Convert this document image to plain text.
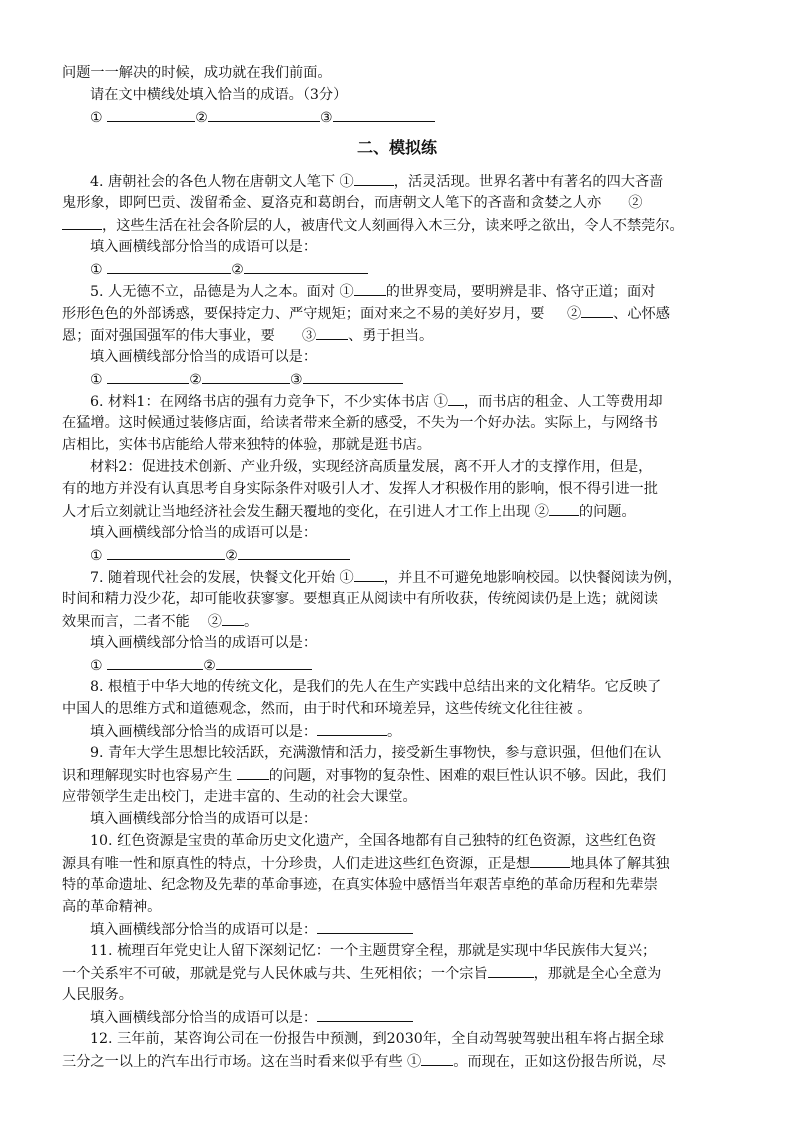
问题一一解决的时候，成功就在我们前面。
请在文中横线处填入恰当的成语。（3分）
①	②	③
二、模拟练
4. 唐朝社会的各色人物在唐朝文人笔下 ①	，活灵活现。世界名著中有著名的四大吝啬
鬼形象，即阿巴贡、泼留希金、夏洛克和葛朗台，而唐朝文人笔下的吝啬和贪婪之人亦 ②
，这些生活在社会各阶层的人，被唐代文人刻画得入木三分，读来呼之欲出，令人不禁莞尔。
填入画横线部分恰当的成语可以是：
①	②
5. 人无德不立，品德是为人之本。面对 ① 的世界变局，要明辨是非、恪守正道；面对
形形色色的外部诱惑，要保持定力、严守规矩；面对来之不易的美好岁月，要 ② 、心怀感
恩；面对强国强军的伟大事业，要 ③ 、勇于担当。
填入画横线部分恰当的成语可以是：
①	②	③
6. 材料1：在网络书店的强有力竞争下，不少实体书店 ① ，而书店的租金、人工等费用却
在猛增。这时候通过装修店面，给读者带来全新的感受，不失为一个好办法。实际上，与网络书
店相比，实体书店能给人带来独特的体验，那就是逛书店。
材料2：促进技术创新、产业升级，实现经济高质量发展，离不开人才的支撑作用，但是，
有的地方并没有认真思考自身实际条件对吸引人才、发挥人才积极作用的影响，恨不得引进一批
人才后立刻就让当地经济社会发生翻天覆地的变化，在引进人才工作上出现 ② 的问题。
填入画横线部分恰当的成语可以是：
①	②
7. 随着现代社会的发展，快餐文化开始 ① ，并且不可避免地影响校园。以快餐阅读为例，
时间和精力没少花，却可能收获寥寥。要想真正从阅读中有所收获，传统阅读仍是上选；就阅读
效果而言，二者不能 ② 。
填入画横线部分恰当的成语可以是：
①	②
8. 根植于中华大地的传统文化，是我们的先人在生产实践中总结出来的文化精华。它反映了
中国人的思维方式和道德观念，然而，由于时代和环境差异，这些传统文化往往被 。
填入画横线部分恰当的成语可以是：	。
9. 青年大学生思想比较活跃，充满激情和活力，接受新生事物快，参与意识强，但他们在认
识和理解现实时也容易产生 的问题，对事物的复杂性、困难的艰巨性认识不够。因此，我们
应带领学生走出校门，走进丰富的、生动的社会大课堂。
填入画横线部分恰当的成语可以是：
10. 红色资源是宝贵的革命历史文化遗产，全国各地都有自己独特的红色资源，这些红色资
源具有唯一性和原真性的特点，十分珍贵，人们走进这些红色资源，正是想	地具体了解其独
特的革命遗址、纪念物及先辈的革命事迹，在真实体验中感悟当年艰苦卓绝的革命历程和先辈崇
高的革命精神。
填入画横线部分恰当的成语可以是：
11. 梳理百年党史让人留下深刻记忆：一个主题贯穿全程，那就是实现中华民族伟大复兴；
一个关系牢不可破，那就是党与人民休戚与共、生死相依；一个宗旨	，那就是全心全意为
人民服务。
填入画横线部分恰当的成语可以是：
12. 三年前，某咨询公司在一份报告中预测，到2030年，全自动驾驶驾驶出租车将占据全球
三分之一以上的汽车出行市场。这在当时看来似乎有些 ① 。而现在，正如这份报告所说，尽
